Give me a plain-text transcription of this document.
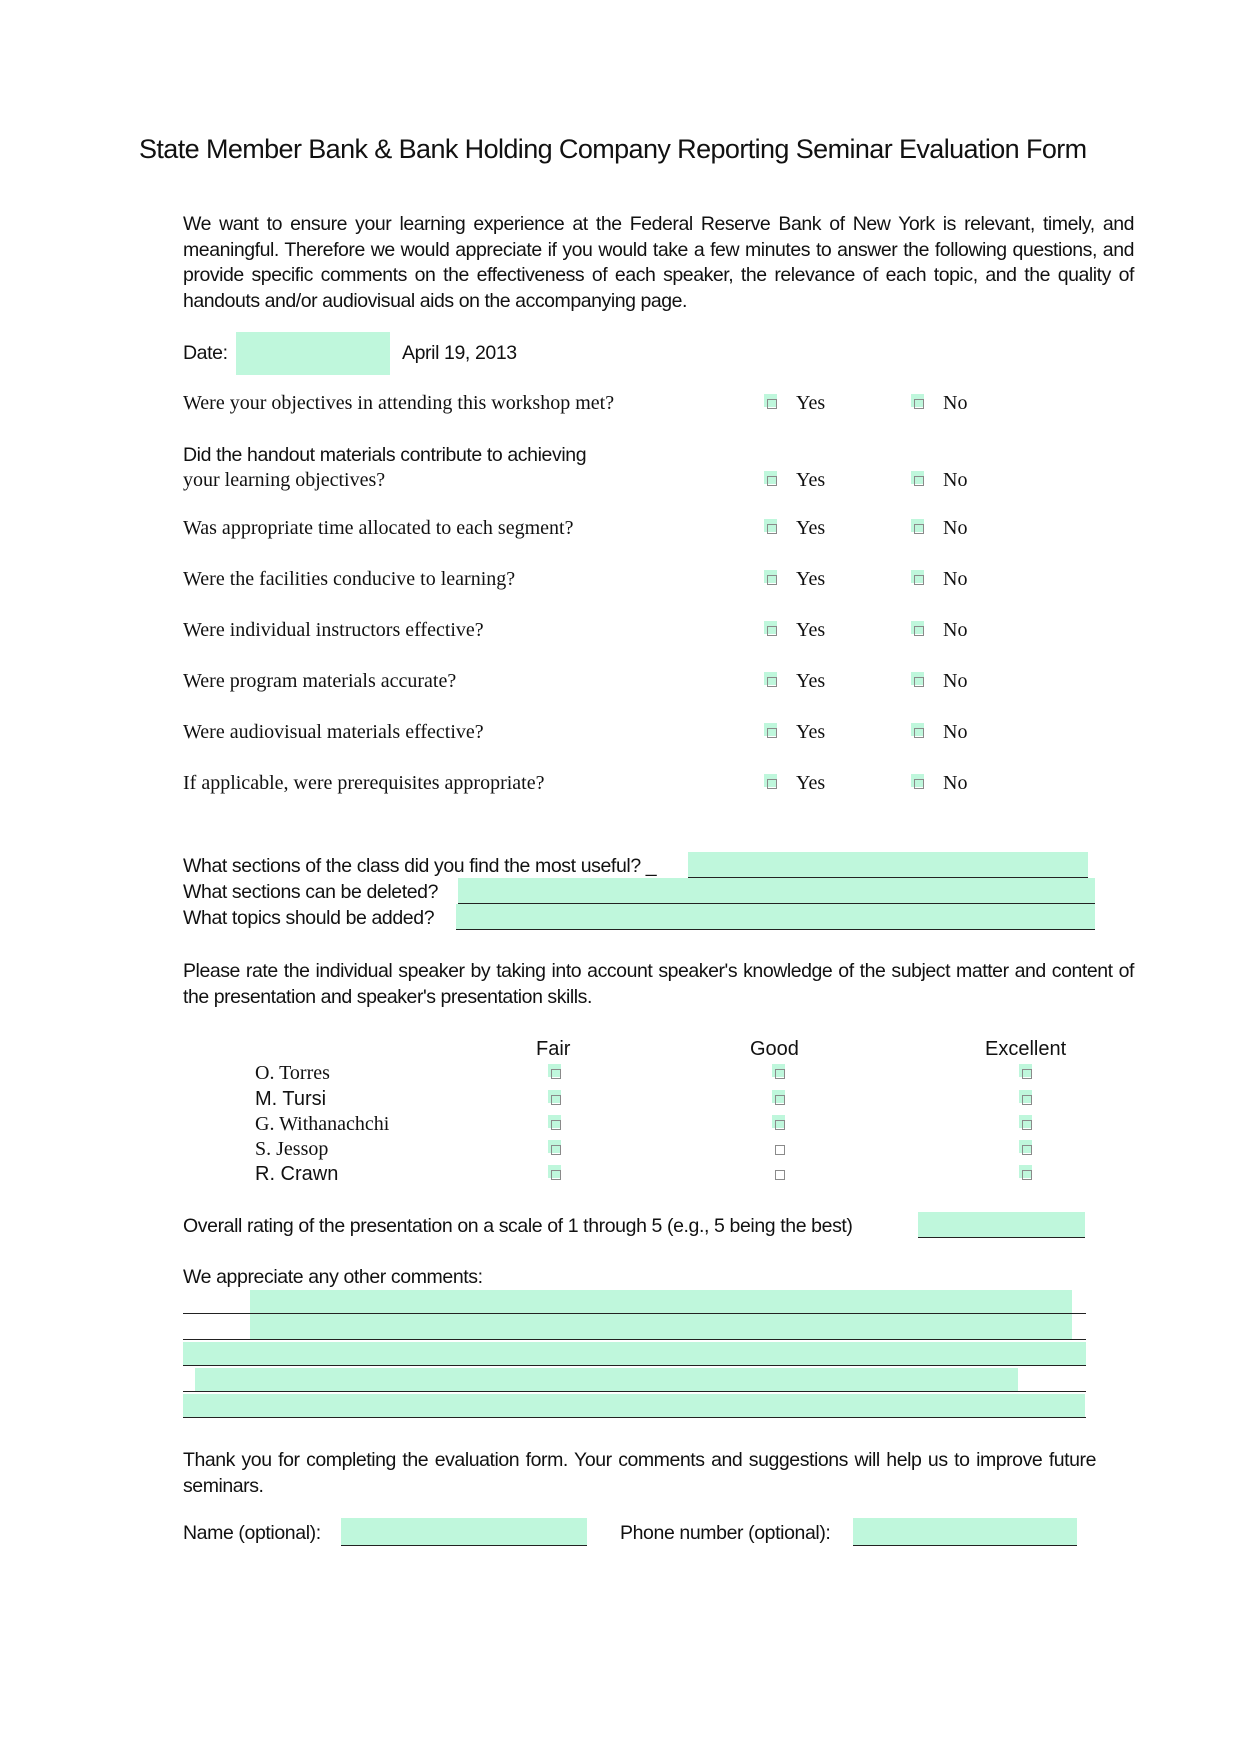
State Member Bank & Bank Holding Company Reporting Seminar Evaluation Form
We want to ensure your learning experience at the Federal Reserve Bank of New York is relevant, timely, and meaningful. Therefore we would appreciate if you would take a few minutes to answer the following questions, and provide specific comments on the effectiveness of each speaker, the relevance of each topic, and the quality of handouts and/or audiovisual aids on the accompanying page.
Date:	April 19, 2013
Were your objectives in attending this workshop met?	Yes	No
Did the handout materials contribute to achieving
your learning objectives?	Yes	No
Was appropriate time allocated to each segment?	Yes	No
Were the facilities conducive to learning?	Yes	No
Were individual instructors effective?	Yes	No
Were program materials accurate?	Yes	No
Were audiovisual materials effective?	Yes	No
If applicable, were prerequisites appropriate?	Yes	No
What sections of the class did you find the most useful? _
What sections can be deleted?
What topics should be added?
Please rate the individual speaker by taking into account speaker's knowledge of the subject matter and content of the presentation and speaker's presentation skills.
Fair	Good	Excellent
O. Torres
M. Tursi
G. Withanachchi
S. Jessop
R. Crawn
Overall rating of the presentation on a scale of 1 through 5 (e.g., 5 being the best)
We appreciate any other comments:
Thank you for completing the evaluation form. Your comments and suggestions will help us to improve future seminars.
Name (optional):	Phone number (optional):
